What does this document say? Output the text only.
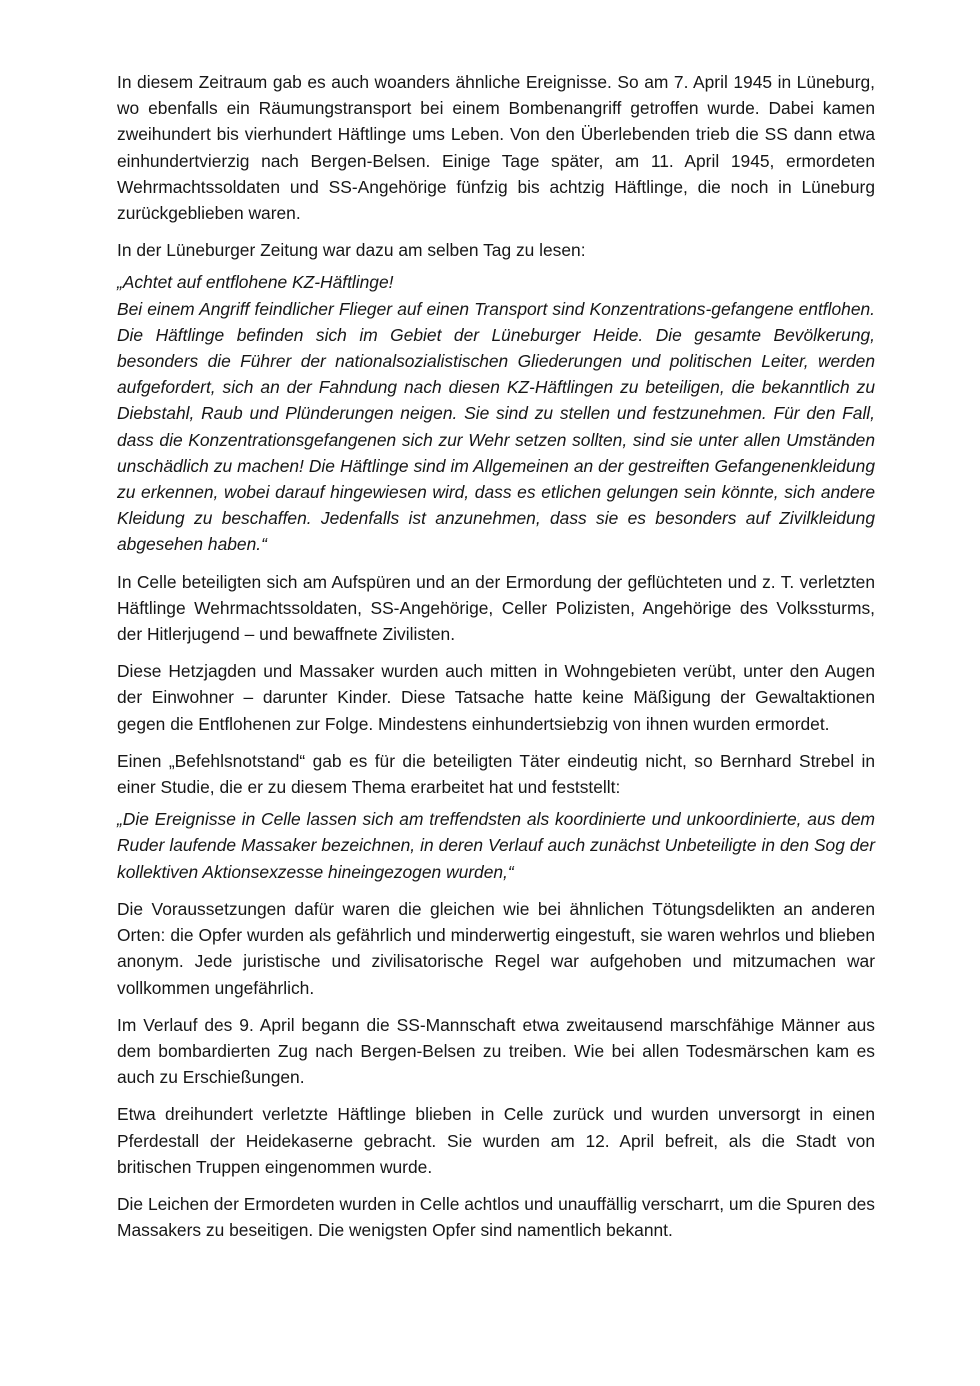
In diesem Zeitraum gab es auch woanders ähnliche Ereignisse. So am 7. April 1945 in Lüneburg, wo ebenfalls ein Räumungstransport bei einem Bombenangriff getroffen wurde. Dabei kamen zweihundert bis vierhundert Häftlinge ums Leben. Von den Überlebenden trieb die SS dann etwa einhundertvierzig nach Bergen-Belsen. Einige Tage später, am 11. April 1945, ermordeten Wehrmachtssoldaten und SS-Angehörige fünfzig bis achtzig Häftlinge, die noch in Lüneburg zurückgeblieben waren.

In der Lüneburger Zeitung war dazu am selben Tag zu lesen:

„Achtet auf entflohene KZ-Häftlinge!
Bei einem Angriff feindlicher Flieger auf einen Transport sind Konzentrations-gefangene entflohen. Die Häftlinge befinden sich im Gebiet der Lüneburger Heide. Die gesamte Bevölkerung, besonders die Führer der nationalsozialistischen Gliederungen und politischen Leiter, werden aufgefordert, sich an der Fahndung nach diesen KZ-Häftlingen zu beteiligen, die bekanntlich zu Diebstahl, Raub und Plünderungen neigen. Sie sind zu stellen und festzunehmen. Für den Fall, dass die Konzentrationsgefangenen sich zur Wehr setzen sollten, sind sie unter allen Umständen unschädlich zu machen! Die Häftlinge sind im Allgemeinen an der gestreiften Gefangenenkleidung zu erkennen, wobei darauf hingewiesen wird, dass es etlichen gelungen sein könnte, sich andere Kleidung zu beschaffen. Jedenfalls ist anzunehmen, dass sie es besonders auf Zivilkleidung abgesehen haben.“

In Celle beteiligten sich am Aufspüren und an der Ermordung der geflüchteten und z. T. verletzten Häftlinge Wehrmachtssoldaten, SS-Angehörige, Celler Polizisten, Angehörige des Volkssturms, der Hitlerjugend – und bewaffnete Zivilisten.

Diese Hetzjagden und Massaker wurden auch mitten in Wohngebieten verübt, unter den Augen der Einwohner – darunter Kinder. Diese Tatsache hatte keine Mäßigung der Gewaltaktionen gegen die Entflohenen zur Folge. Mindestens einhundertsiebzig von ihnen wurden ermordet.

Einen „Befehlsnotstand“ gab es für die beteiligten Täter eindeutig nicht, so Bernhard Strebel in einer Studie, die er zu diesem Thema erarbeitet hat und feststellt:

„Die Ereignisse in Celle lassen sich am treffendsten als koordinierte und unkoordinierte, aus dem Ruder laufende Massaker bezeichnen, in deren Verlauf auch zunächst Unbeteiligte in den Sog der kollektiven Aktionsexzesse hineingezogen wurden,“

Die Voraussetzungen dafür waren die gleichen wie bei ähnlichen Tötungsdelikten an anderen Orten: die Opfer wurden als gefährlich und minderwertig eingestuft, sie waren wehrlos und blieben anonym. Jede juristische und zivilisatorische Regel war aufgehoben und mitzumachen war vollkommen ungefährlich.

Im Verlauf des 9. April begann die SS-Mannschaft etwa zweitausend marschfähige Männer aus dem bombardierten Zug nach Bergen-Belsen zu treiben. Wie bei allen Todesmärschen kam es auch zu Erschießungen.

Etwa dreihundert verletzte Häftlinge blieben in Celle zurück und wurden unversorgt in einen Pferdestall der Heidekaserne gebracht. Sie wurden am 12. April befreit, als die Stadt von britischen Truppen eingenommen wurde.

Die Leichen der Ermordeten wurden in Celle achtlos und unauffällig verscharrt, um die Spuren des Massakers zu beseitigen. Die wenigsten Opfer sind namentlich bekannt.
